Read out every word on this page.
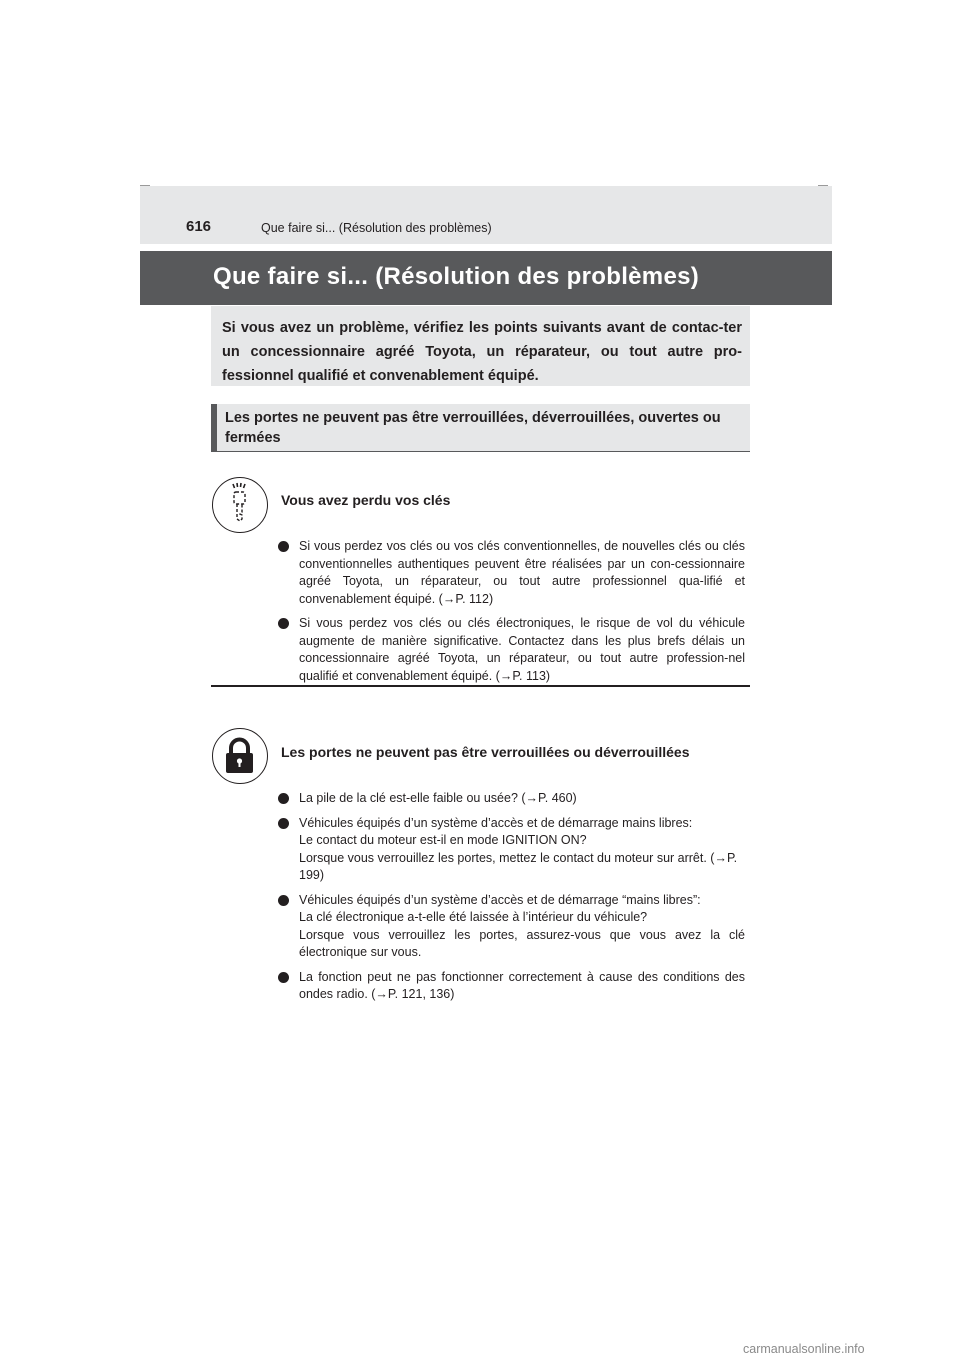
616	Que faire si... (Résolution des problèmes)
Que faire si... (Résolution des problèmes)
Si vous avez un problème, vérifiez les points suivants avant de contac-ter un concessionnaire agréé Toyota, un réparateur, ou tout autre pro-fessionnel qualifié et convenablement équipé.
Les portes ne peuvent pas être verrouillées, déverrouillées, ouvertes ou fermées
Vous avez perdu vos clés
Si vous perdez vos clés ou vos clés conventionnelles, de nouvelles clés ou clés conventionnelles authentiques peuvent être réalisées par un con-cessionnaire agréé Toyota, un réparateur, ou tout autre professionnel qua-lifié et convenablement équipé. (→P. 112)
Si vous perdez vos clés ou clés électroniques, le risque de vol du véhicule augmente de manière significative. Contactez dans les plus brefs délais un concessionnaire agréé Toyota, un réparateur, ou tout autre profession-nel qualifié et convenablement équipé. (→P. 113)
Les portes ne peuvent pas être verrouillées ou déverrouillées
La pile de la clé est-elle faible ou usée? (→P. 460)
Véhicules équipés d’un système d’accès et de démarrage mains libres:
Le contact du moteur est-il en mode IGNITION ON?
Lorsque vous verrouillez les portes, mettez le contact du moteur sur arrêt. (→P. 199)
Véhicules équipés d’un système d’accès et de démarrage “mains libres”:
La clé électronique a-t-elle été laissée à l’intérieur du véhicule?
Lorsque vous verrouillez les portes, assurez-vous que vous avez la clé électronique sur vous.
La fonction peut ne pas fonctionner correctement à cause des conditions des ondes radio. (→P. 121, 136)
carmanualsonline.info
